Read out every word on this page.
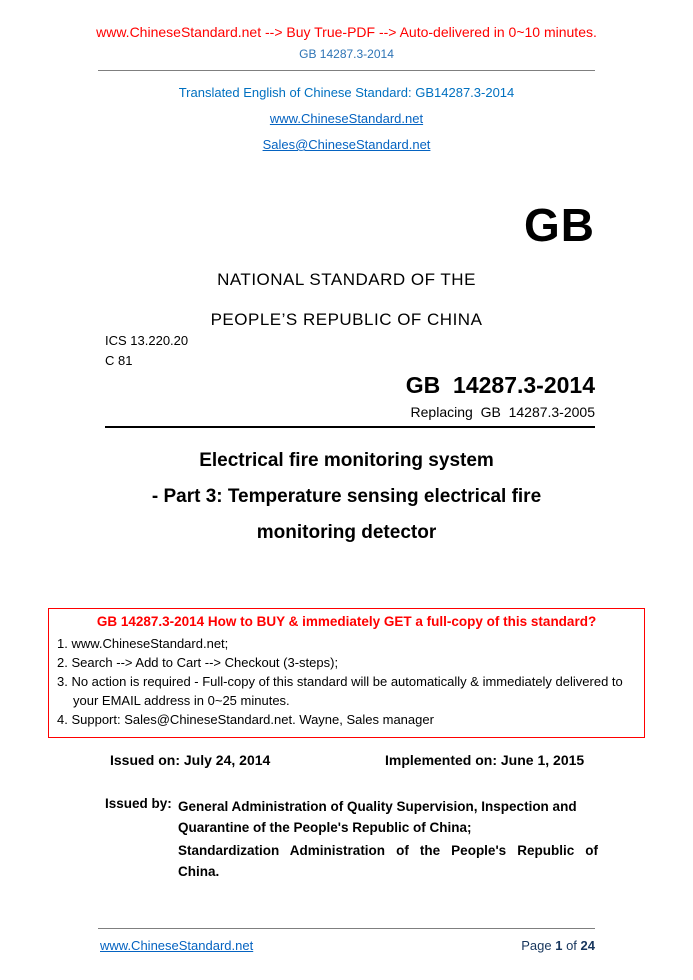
www.ChineseStandard.net --> Buy True-PDF --> Auto-delivered in 0~10 minutes.
GB 14287.3-2014
Translated English of Chinese Standard: GB14287.3-2014
www.ChineseStandard.net
Sales@ChineseStandard.net
GB
NATIONAL STANDARD OF THE
PEOPLE’S REPUBLIC OF CHINA
ICS 13.220.20
C 81
GB  14287.3-2014
Replacing  GB  14287.3-2005
Electrical fire monitoring system
- Part 3: Temperature sensing electrical fire
monitoring detector
GB 14287.3-2014 How to BUY & immediately GET a full-copy of this standard?
1. www.ChineseStandard.net;
2. Search --> Add to Cart --> Checkout (3-steps);
3. No action is required - Full-copy of this standard will be automatically & immediately delivered to your EMAIL address in 0~25 minutes.
4. Support: Sales@ChineseStandard.net. Wayne, Sales manager
Issued on: July 24, 2014	Implemented on: June 1, 2015
Issued by: General Administration of Quality Supervision, Inspection and Quarantine of the People's Republic of China;
Standardization Administration of the People's Republic of China.
www.ChineseStandard.net	Page 1 of 24
